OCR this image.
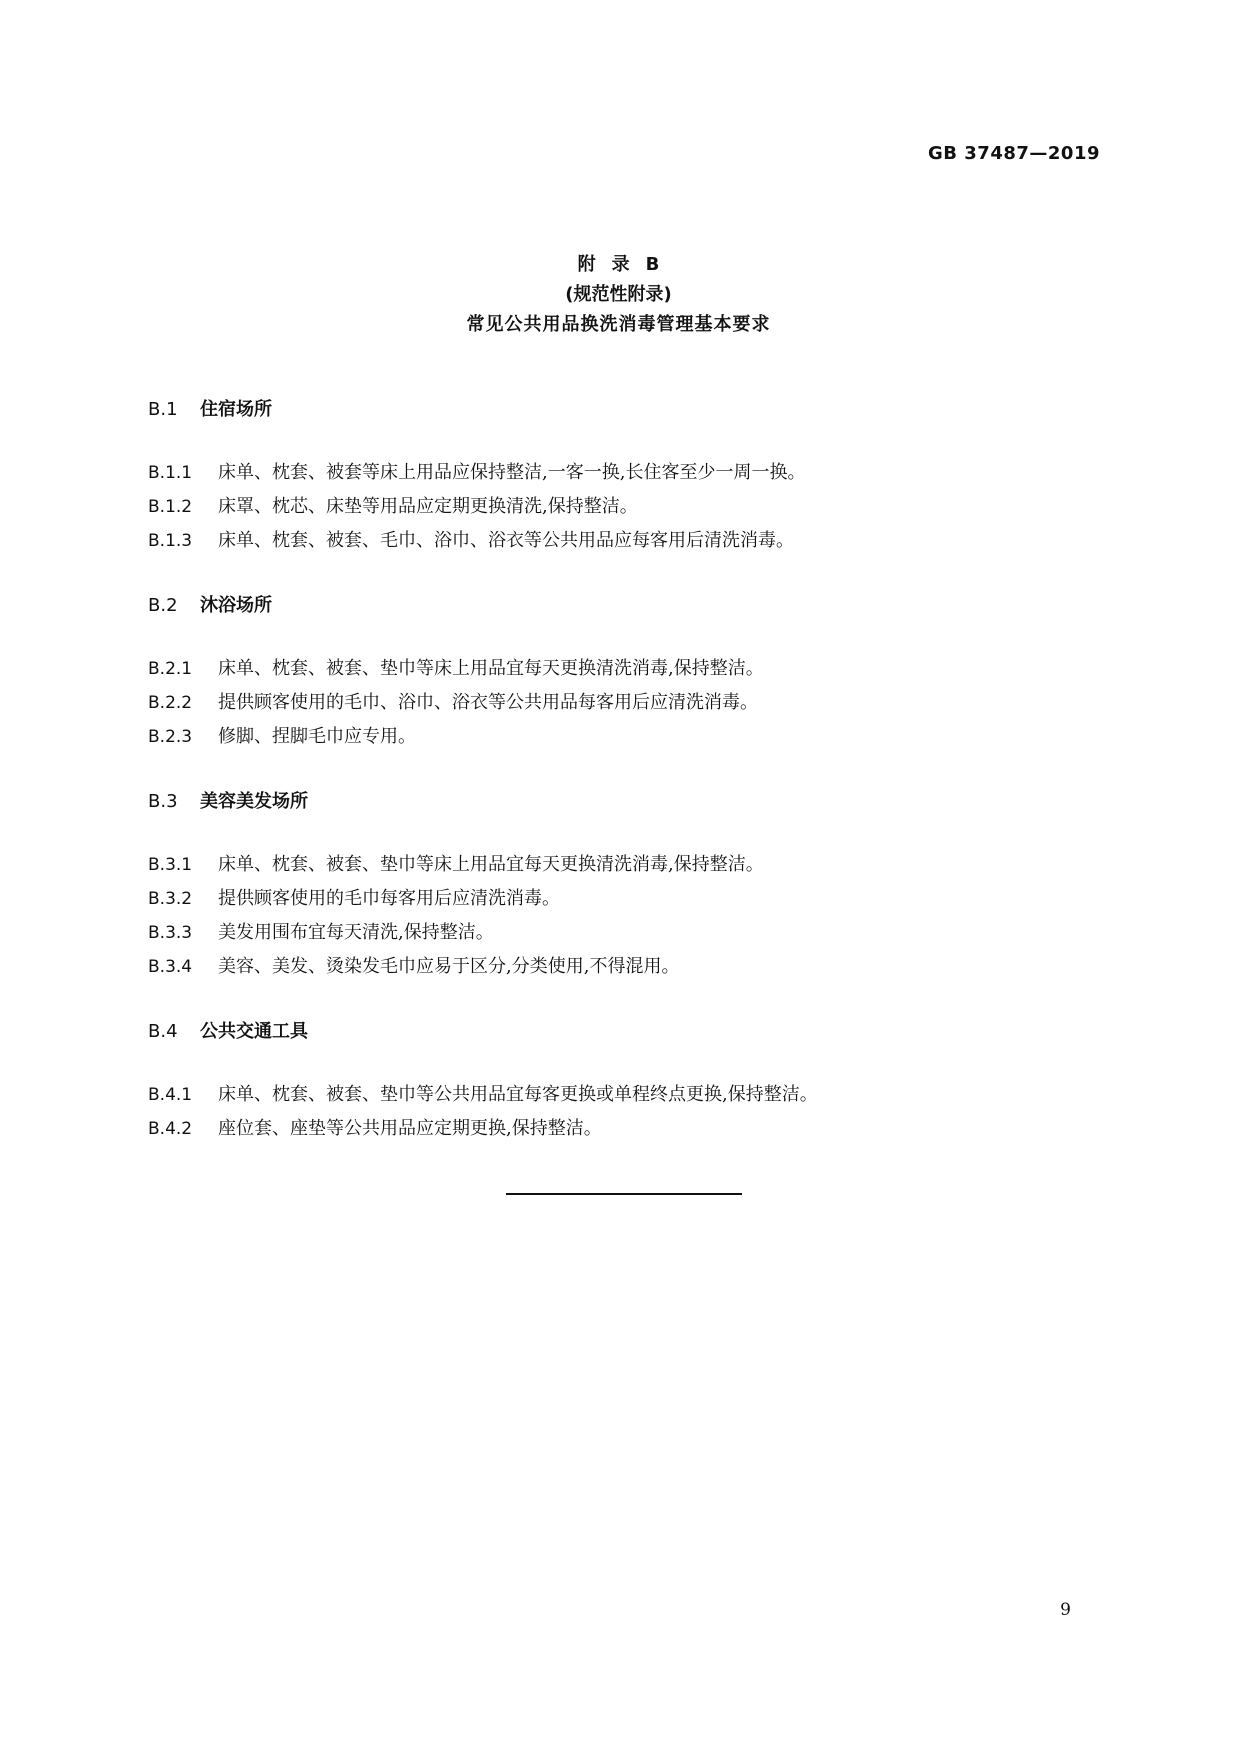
GB 37487—2019
附录B
(规范性附录)
常见公共用品换洗消毒管理基本要求
B.1 住宿场所
B.1.1 床单、枕套、被套等床上用品应保持整洁,一客一换,长住客至少一周一换。
B.1.2 床罩、枕芯、床垫等用品应定期更换清洗,保持整洁。
B.1.3 床单、枕套、被套、毛巾、浴巾、浴衣等公共用品应每客用后清洗消毒。
B.2 沐浴场所
B.2.1 床单、枕套、被套、垫巾等床上用品宜每天更换清洗消毒,保持整洁。
B.2.2 提供顾客使用的毛巾、浴巾、浴衣等公共用品每客用后应清洗消毒。
B.2.3 修脚、捏脚毛巾应专用。
B.3 美容美发场所
B.3.1 床单、枕套、被套、垫巾等床上用品宜每天更换清洗消毒,保持整洁。
B.3.2 提供顾客使用的毛巾每客用后应清洗消毒。
B.3.3 美发用围布宜每天清洗,保持整洁。
B.3.4 美容、美发、烫染发毛巾应易于区分,分类使用,不得混用。
B.4 公共交通工具
B.4.1 床单、枕套、被套、垫巾等公共用品宜每客更换或单程终点更换,保持整洁。
B.4.2 座位套、座垫等公共用品应定期更换,保持整洁。
9
